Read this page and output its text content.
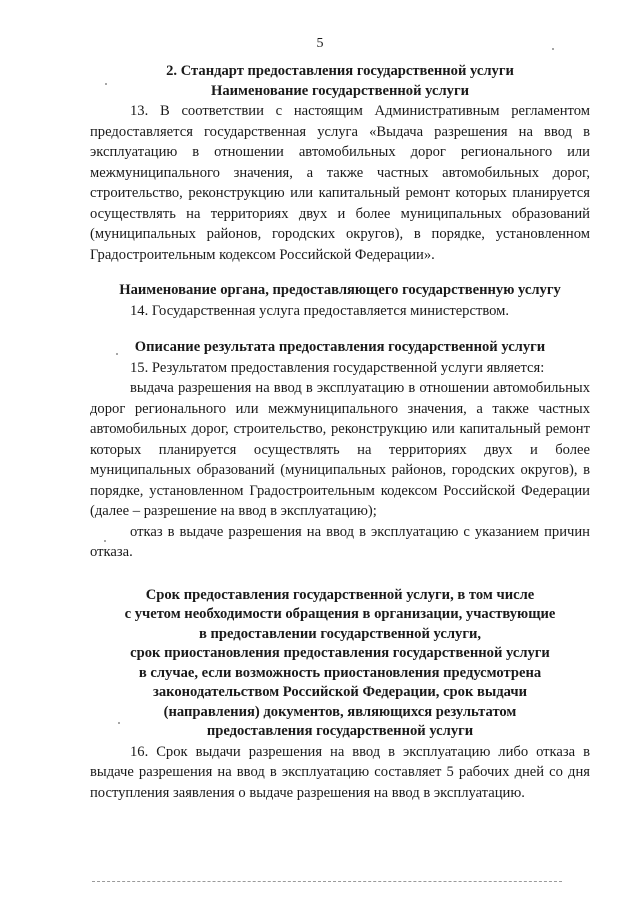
5
2. Стандарт предоставления государственной услуги
Наименование государственной услуги

13. В соответствии с настоящим Административным регламентом предоставляется государственная услуга «Выдача разрешения на ввод в эксплуатацию в отношении автомобильных дорог регионального или межмуниципального значения, а также частных автомобильных дорог, строительство, реконструкцию или капитальный ремонт которых планируется осуществлять на территориях двух и более муниципальных образований (муниципальных районов, городских округов), в порядке, установленном Градостроительным кодексом Российской Федерации».

Наименование органа, предоставляющего государственную услугу

14. Государственная услуга предоставляется министерством.

Описание результата предоставления государственной услуги

15. Результатом предоставления государственной услуги является:

выдача разрешения на ввод в эксплуатацию в отношении автомобильных дорог регионального или межмуниципального значения, а также частных автомобильных дорог, строительство, реконструкцию или капитальный ремонт которых планируется осуществлять на территориях двух и более муниципальных образований (муниципальных районов, городских округов), в порядке, установленном Градостроительным кодексом Российской Федерации (далее – разрешение на ввод в эксплуатацию);

отказ в выдаче разрешения на ввод в эксплуатацию с указанием причин отказа.

Срок предоставления государственной услуги, в том числе
с учетом необходимости обращения в организации, участвующие
в предоставлении государственной услуги,
срок приостановления предоставления государственной услуги
в случае, если возможность приостановления предусмотрена
законодательством Российской Федерации, срок выдачи
(направления) документов, являющихся результатом
предоставления государственной услуги

16. Срок выдачи разрешения на ввод в эксплуатацию либо отказа в выдаче разрешения на ввод в эксплуатацию составляет 5 рабочих дней со дня поступления заявления о выдаче разрешения на ввод в эксплуатацию.
